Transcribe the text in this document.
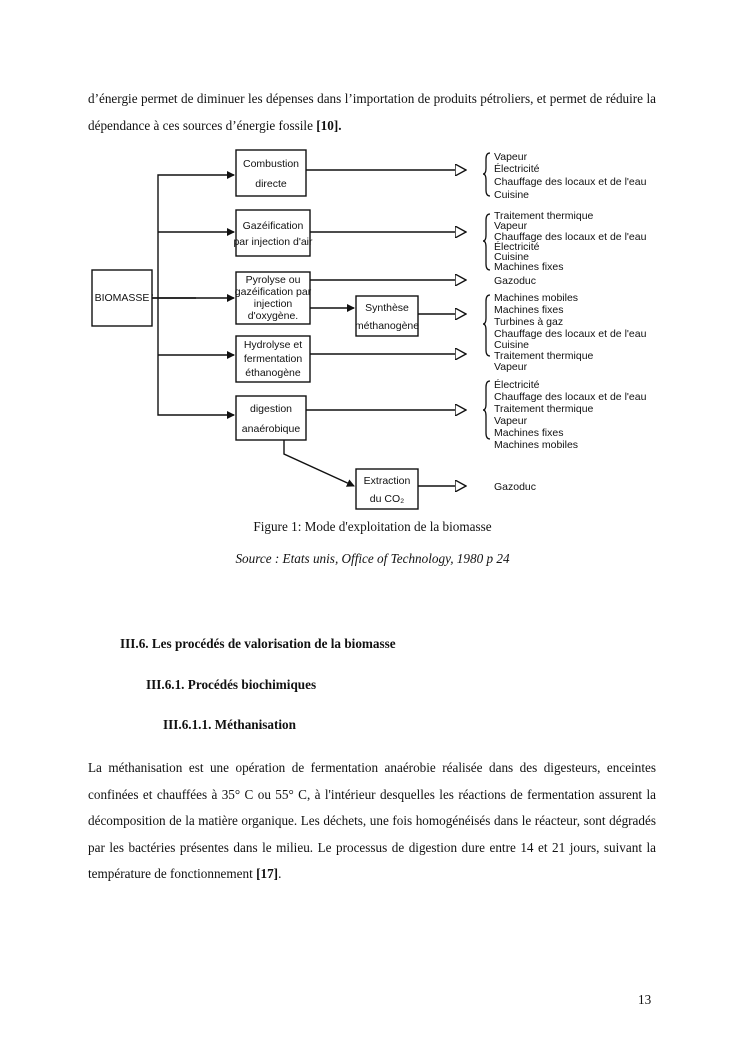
d’énergie permet de diminuer les dépenses dans l’importation de produits pétroliers, et permet de réduire la dépendance à ces sources d’énergie fossile [10].

BIOMASSE
Combustion
directe
Gazéification
par injection d'air
Pyrolyse ou
gazéification par
injection
d'oxygène.
Hydrolyse et
fermentation
éthanogène
digestion
anaérobique
Synthèse
méthanogène
Extraction
du CO₂
Vapeur
Électricité
Chauffage des locaux et de l'eau
Cuisine
Traitement thermique
Vapeur
Chauffage des locaux et de l'eau
Électricité
Cuisine
Machines fixes
Gazoduc
Machines mobiles
Machines fixes
Turbines à gaz
Chauffage des locaux et de l'eau
Cuisine
Traitement thermique
Vapeur
Électricité
Chauffage des locaux et de l'eau
Traitement thermique
Vapeur
Machines fixes
Machines mobiles
Gazoduc
Figure 1: Mode d'exploitation de la biomasse
Source : Etats unis, Office of Technology, 1980 p 24
III.6. Les procédés de valorisation de la biomasse
III.6.1. Procédés biochimiques
III.6.1.1. Méthanisation

La méthanisation est une opération de fermentation anaérobie réalisée dans des digesteurs, enceintes confinées et chauffées à 35° C ou 55° C, à l'intérieur desquelles les réactions de fermentation assurent la décomposition de la matière organique. Les déchets, une fois homogénéisés dans le réacteur, sont dégradés par les bactéries présentes dans le milieu. Le processus de digestion dure entre 14 et 21 jours, suivant la température de fonctionnement [17].

13
